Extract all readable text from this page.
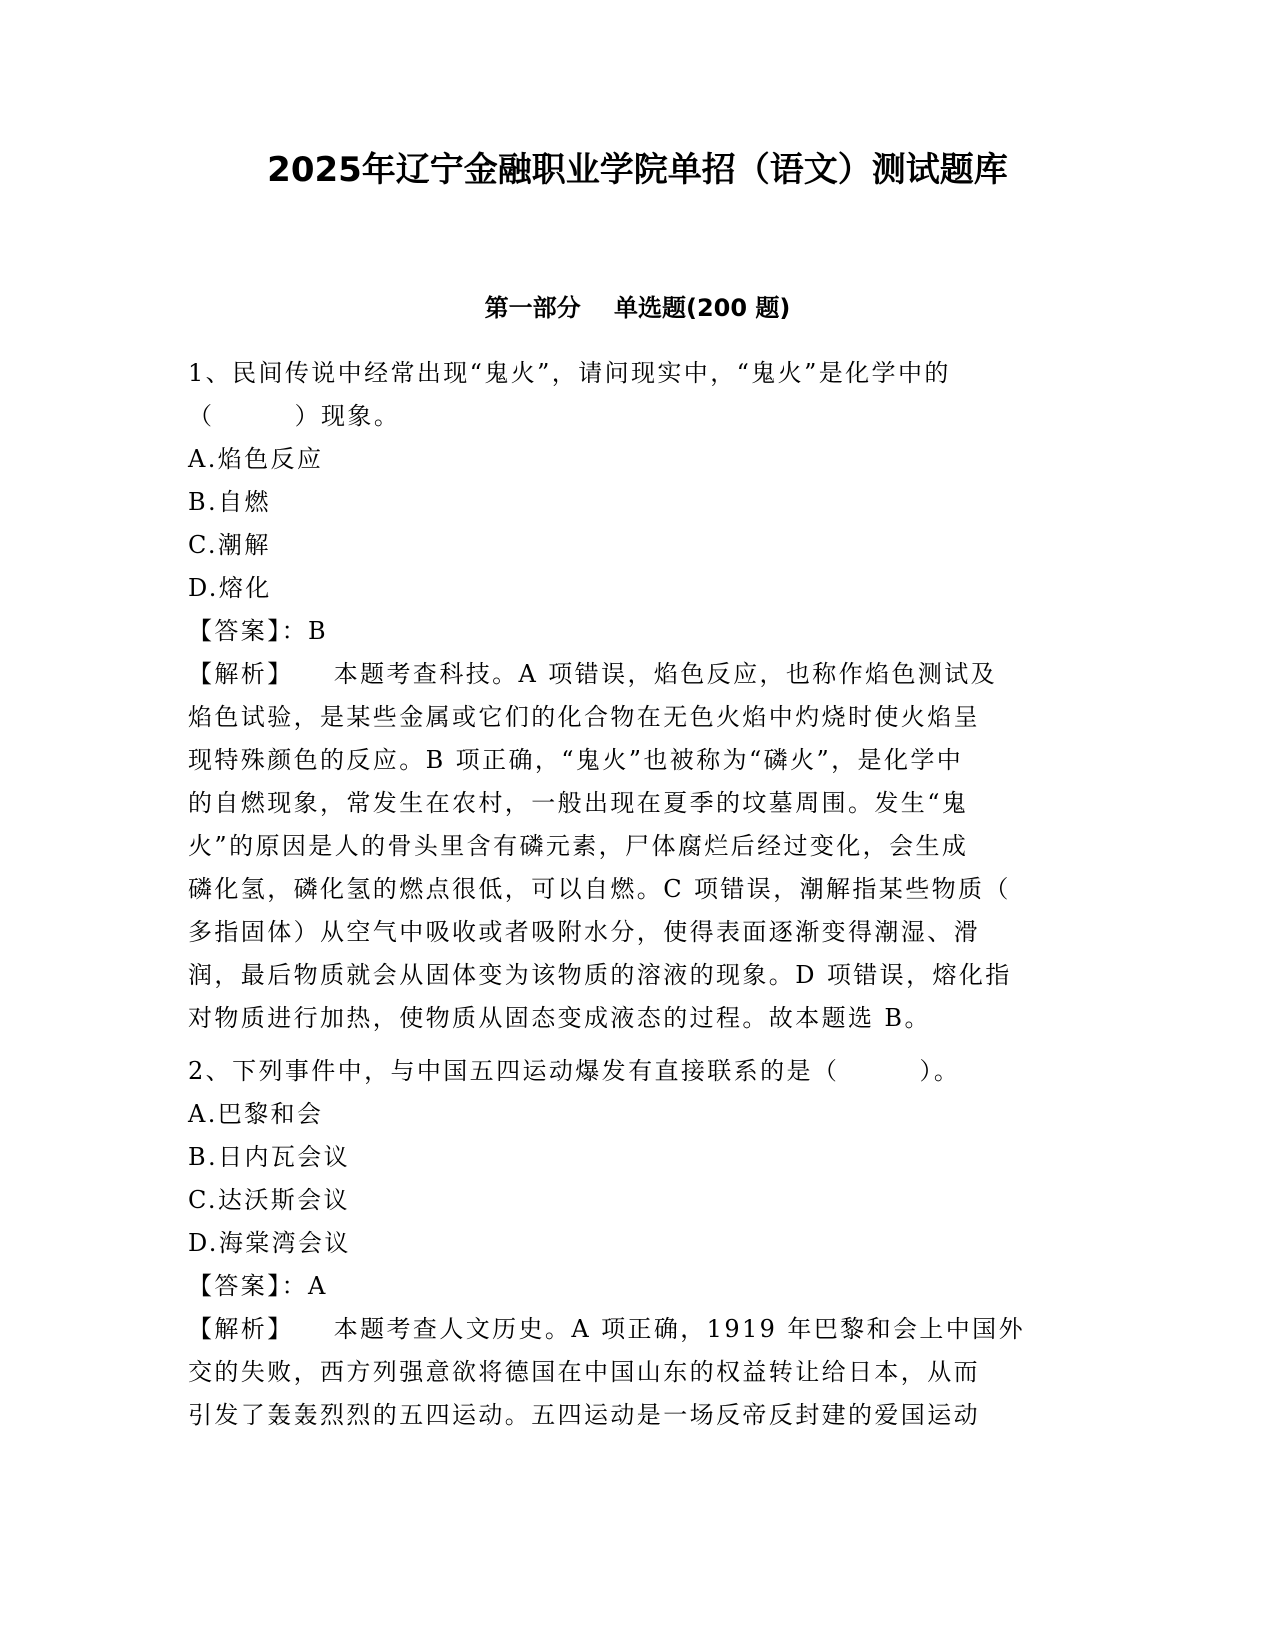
2025年辽宁金融职业学院单招（语文）测试题库
第一部分    单选题(200 题)
1、民间传说中经常出现“鬼火”，请问现实中，“鬼火”是化学中的
（        ）现象。
A.焰色反应
B.自燃
C.潮解
D.熔化
【答案】：B
【解析】    本题考查科技。A 项错误，焰色反应，也称作焰色测试及
焰色试验，是某些金属或它们的化合物在无色火焰中灼烧时使火焰呈
现特殊颜色的反应。B 项正确，“鬼火”也被称为“磷火”，是化学中
的自燃现象，常发生在农村，一般出现在夏季的坟墓周围。发生“鬼
火”的原因是人的骨头里含有磷元素，尸体腐烂后经过变化，会生成
磷化氢，磷化氢的燃点很低，可以自燃。C 项错误，潮解指某些物质（
多指固体）从空气中吸收或者吸附水分，使得表面逐渐变得潮湿、滑
润，最后物质就会从固体变为该物质的溶液的现象。D 项错误，熔化指
对物质进行加热，使物质从固态变成液态的过程。故本题选 B。
2、下列事件中，与中国五四运动爆发有直接联系的是（        ）。
A.巴黎和会
B.日内瓦会议
C.达沃斯会议
D.海棠湾会议
【答案】：A
【解析】    本题考查人文历史。A 项正确，1919 年巴黎和会上中国外
交的失败，西方列强意欲将德国在中国山东的权益转让给日本，从而
引发了轰轰烈烈的五四运动。五四运动是一场反帝反封建的爱国运动
